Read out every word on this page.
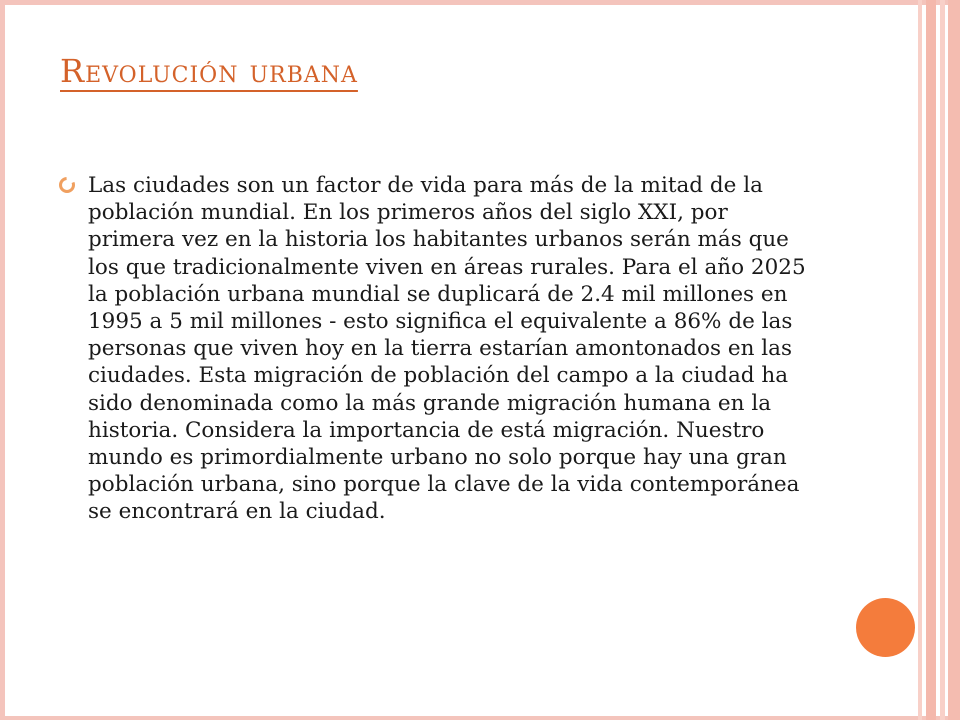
Revolución urbana

Las ciudades son un factor de vida para más de la mitad de la población mundial. En los primeros años del siglo XXI, por primera vez en la historia los habitantes urbanos serán más que los que tradicionalmente viven en áreas rurales. Para el año 2025 la población urbana mundial se duplicará de 2.4 mil millones en 1995 a 5 mil millones - esto significa el equivalente a 86% de las personas que viven hoy en la tierra estarían amontonados en las ciudades. Esta migración de población del campo a la ciudad ha sido denominada como la más grande migración humana en la historia. Considera la importancia de está migración. Nuestro mundo es primordialmente urbano no solo porque hay una gran población urbana, sino porque la clave de la vida contemporánea se encontrará en la ciudad.
